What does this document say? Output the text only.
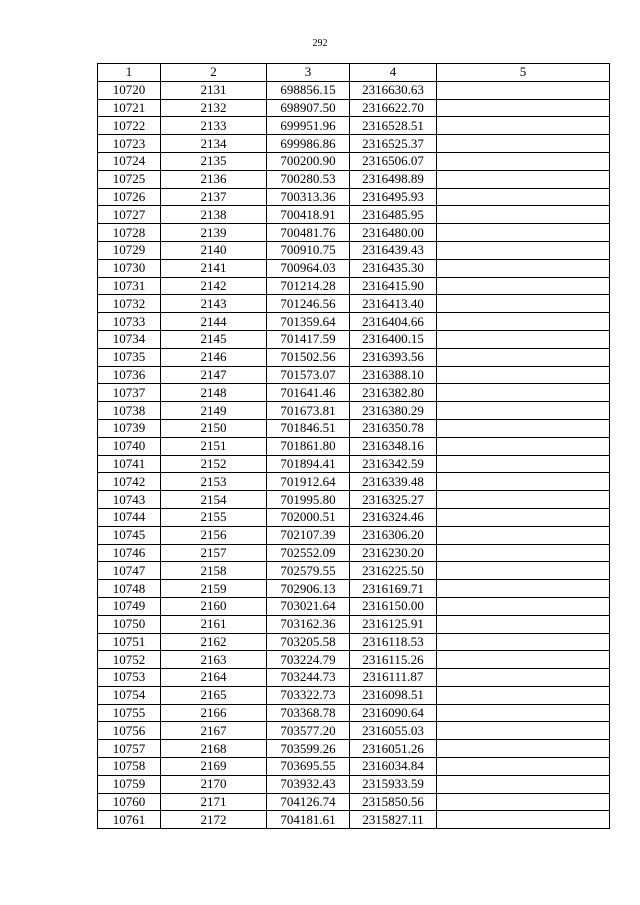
292
1	2	3	4	5
10720	2131	698856.15	2316630.63	
10721	2132	698907.50	2316622.70	
10722	2133	699951.96	2316528.51	
10723	2134	699986.86	2316525.37	
10724	2135	700200.90	2316506.07	
10725	2136	700280.53	2316498.89	
10726	2137	700313.36	2316495.93	
10727	2138	700418.91	2316485.95	
10728	2139	700481.76	2316480.00	
10729	2140	700910.75	2316439.43	
10730	2141	700964.03	2316435.30	
10731	2142	701214.28	2316415.90	
10732	2143	701246.56	2316413.40	
10733	2144	701359.64	2316404.66	
10734	2145	701417.59	2316400.15	
10735	2146	701502.56	2316393.56	
10736	2147	701573.07	2316388.10	
10737	2148	701641.46	2316382.80	
10738	2149	701673.81	2316380.29	
10739	2150	701846.51	2316350.78	
10740	2151	701861.80	2316348.16	
10741	2152	701894.41	2316342.59	
10742	2153	701912.64	2316339.48	
10743	2154	701995.80	2316325.27	
10744	2155	702000.51	2316324.46	
10745	2156	702107.39	2316306.20	
10746	2157	702552.09	2316230.20	
10747	2158	702579.55	2316225.50	
10748	2159	702906.13	2316169.71	
10749	2160	703021.64	2316150.00	
10750	2161	703162.36	2316125.91	
10751	2162	703205.58	2316118.53	
10752	2163	703224.79	2316115.26	
10753	2164	703244.73	2316111.87	
10754	2165	703322.73	2316098.51	
10755	2166	703368.78	2316090.64	
10756	2167	703577.20	2316055.03	
10757	2168	703599.26	2316051.26	
10758	2169	703695.55	2316034.84	
10759	2170	703932.43	2315933.59	
10760	2171	704126.74	2315850.56	
10761	2172	704181.61	2315827.11	
